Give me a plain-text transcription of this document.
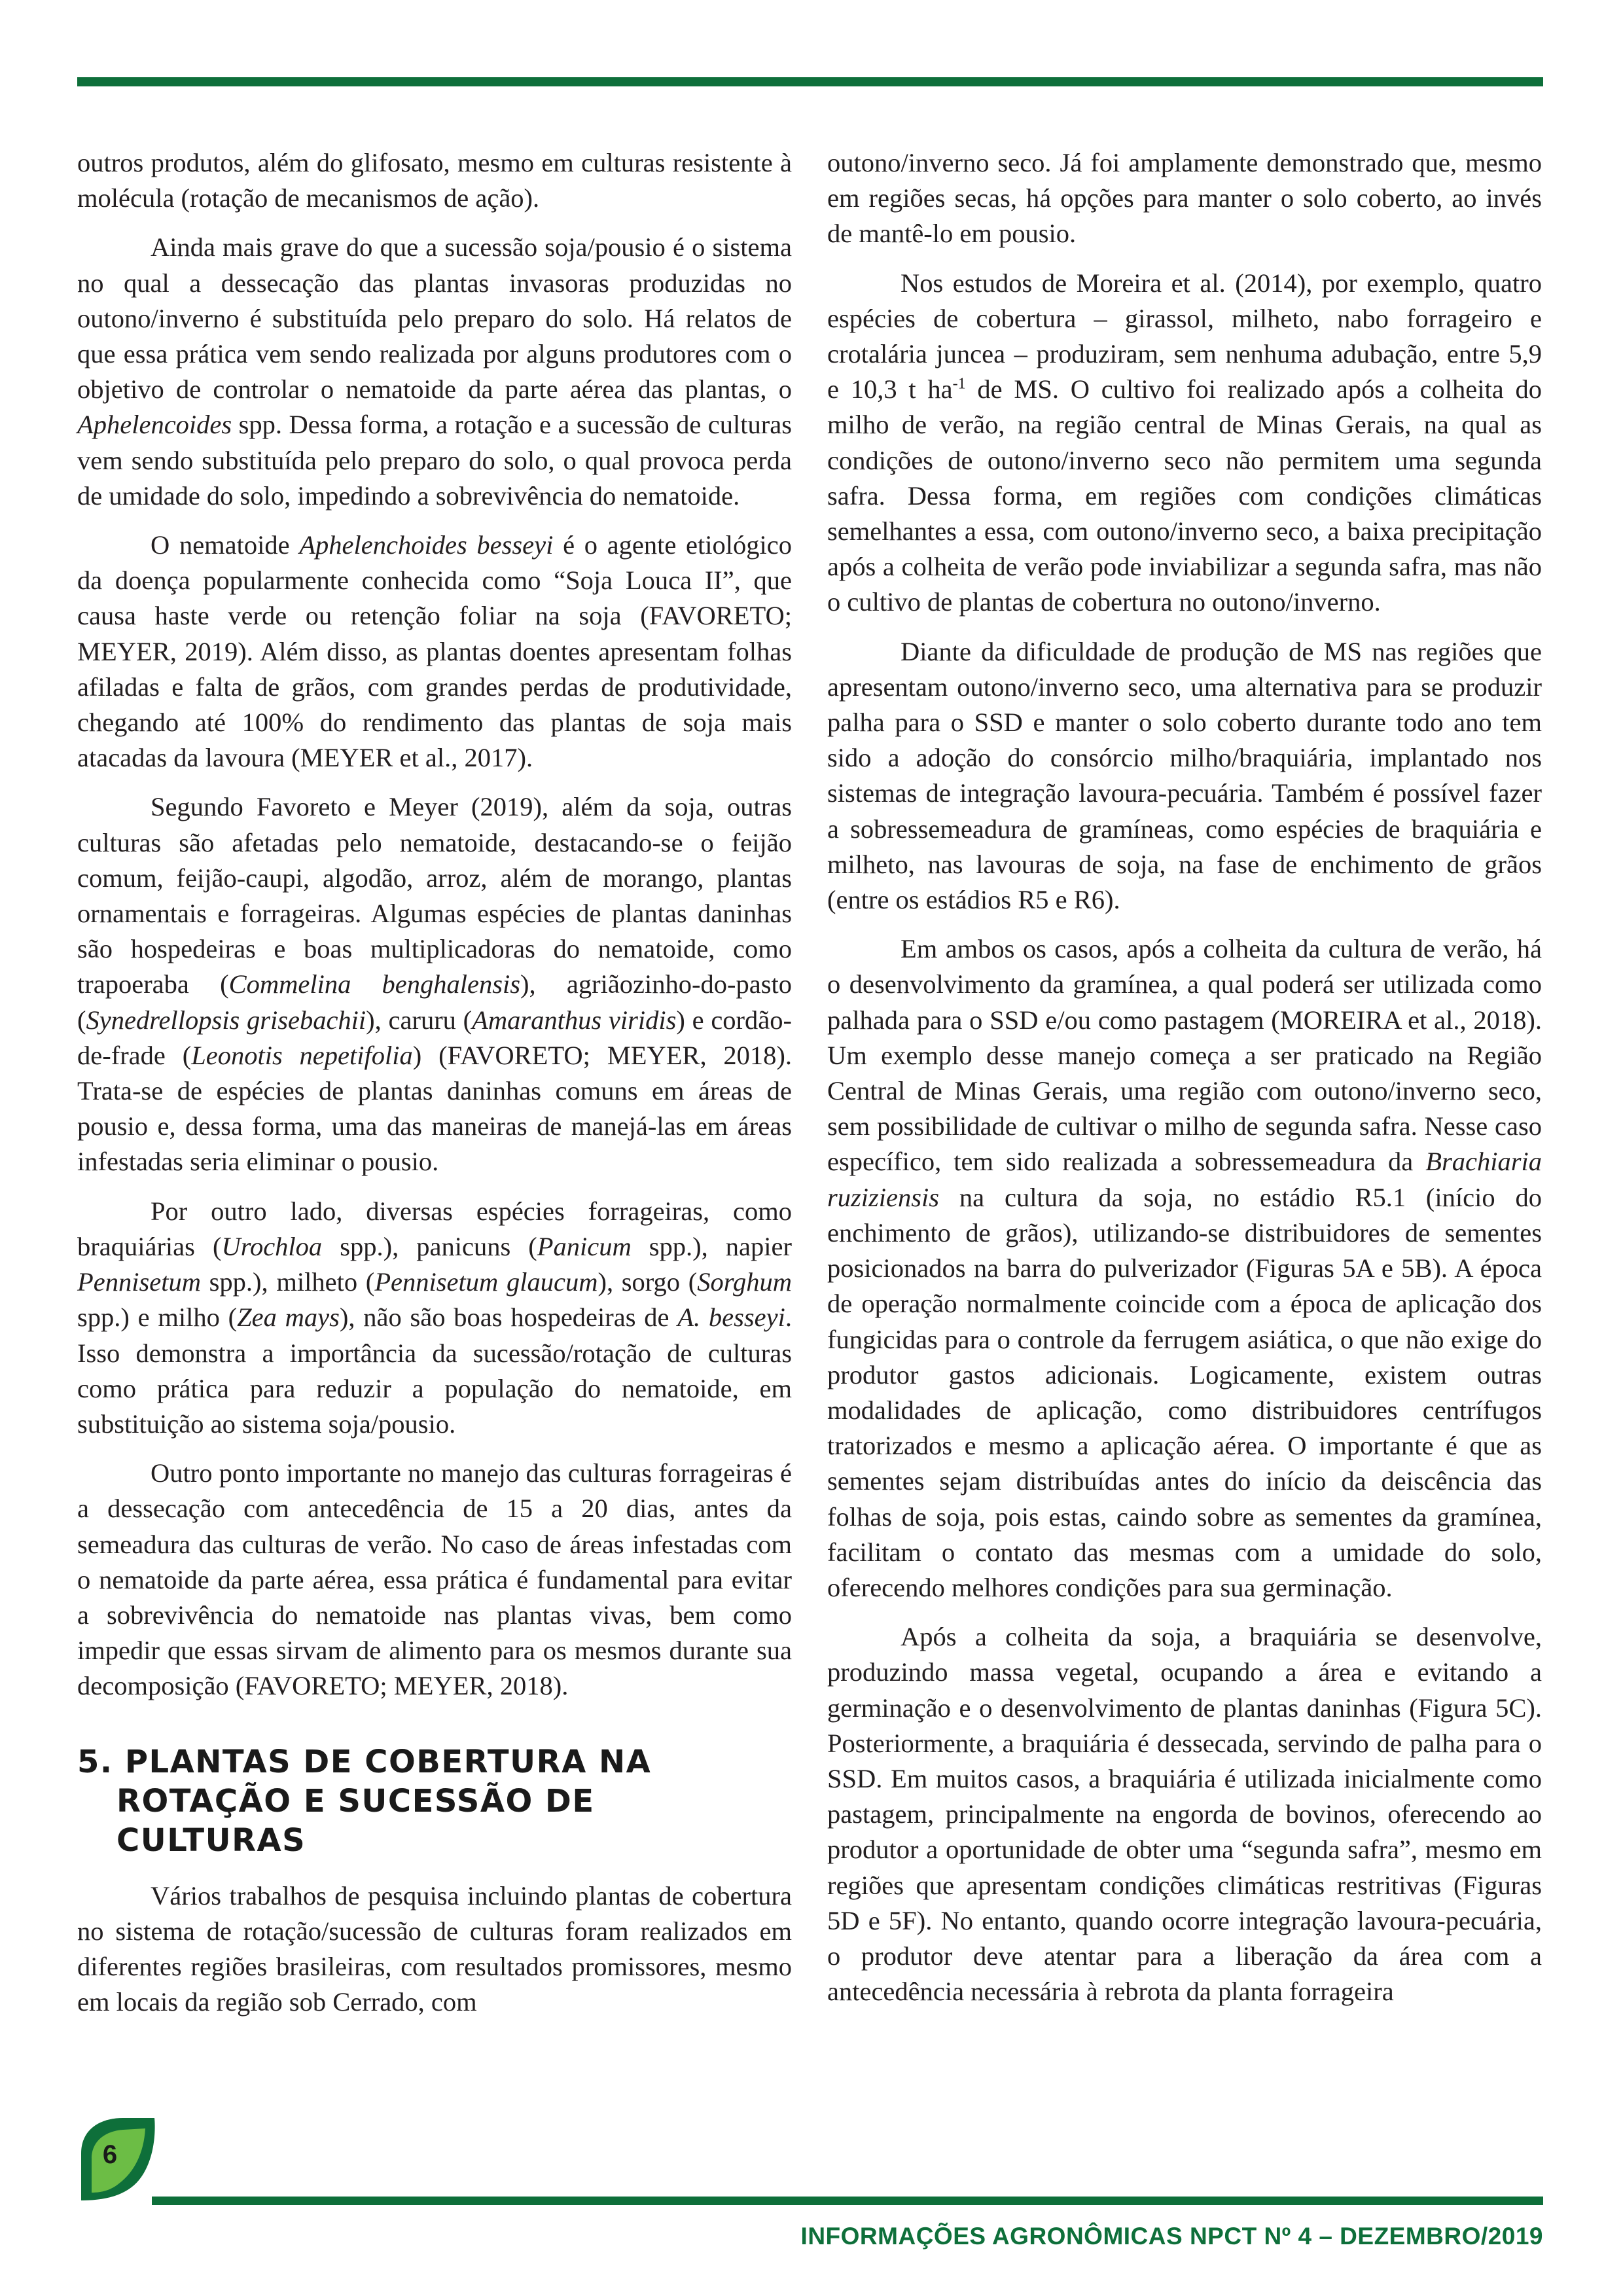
outros produtos, além do glifosato, mesmo em culturas resistente à molécula (rotação de mecanismos de ação).

Ainda mais grave do que a sucessão soja/pousio é o sistema no qual a dessecação das plantas invasoras produzidas no outono/inverno é substituída pelo preparo do solo. Há relatos de que essa prática vem sendo realizada por alguns produtores com o objetivo de controlar o nematoide da parte aérea das plantas, o Aphelencoides spp. Dessa forma, a rotação e a sucessão de culturas vem sendo substituída pelo preparo do solo, o qual provoca perda de umidade do solo, impedindo a sobrevivência do nematoide.

O nematoide Aphelenchoides besseyi é o agente etiológico da doença popularmente conhecida como “Soja Louca II”, que causa haste verde ou retenção foliar na soja (FAVORETO; MEYER, 2019). Além disso, as plantas doentes apresentam folhas afiladas e falta de grãos, com grandes perdas de produtividade, chegando até 100% do rendimento das plantas de soja mais atacadas da lavoura (MEYER et al., 2017).

Segundo Favoreto e Meyer (2019), além da soja, outras culturas são afetadas pelo nematoide, destacando-se o feijão comum, feijão-caupi, algodão, arroz, além de morango, plantas ornamentais e forrageiras. Algumas espécies de plantas daninhas são hospedeiras e boas multiplicadoras do nematoide, como trapoeraba (Commelina benghalensis), agriãozinho-do-pasto (Synedrellopsis grisebachii), caruru (Amaranthus viridis) e cordão-de-frade (Leonotis nepetifolia) (FAVORETO; MEYER, 2018). Trata-se de espécies de plantas daninhas comuns em áreas de pousio e, dessa forma, uma das maneiras de manejá-las em áreas infestadas seria eliminar o pousio.

Por outro lado, diversas espécies forrageiras, como braquiárias (Urochloa spp.), panicuns (Panicum spp.), napier Pennisetum spp.), milheto (Pennisetum glaucum), sorgo (Sorghum spp.) e milho (Zea mays), não são boas hospedeiras de A. besseyi. Isso demonstra a importância da sucessão/rotação de culturas como prática para reduzir a população do nematoide, em substituição ao sistema soja/pousio.

Outro ponto importante no manejo das culturas forrageiras é a dessecação com antecedência de 15 a 20 dias, antes da semeadura das culturas de verão. No caso de áreas infestadas com o nematoide da parte aérea, essa prática é fundamental para evitar a sobrevivência do nematoide nas plantas vivas, bem como impedir que essas sirvam de alimento para os mesmos durante sua decomposição (FAVORETO; MEYER, 2018).

5. PLANTAS DE COBERTURA NA ROTAÇÃO E SUCESSÃO DE CULTURAS

Vários trabalhos de pesquisa incluindo plantas de cobertura no sistema de rotação/sucessão de culturas foram realizados em diferentes regiões brasileiras, com resultados promissores, mesmo em locais da região sob Cerrado, com

outono/inverno seco. Já foi amplamente demonstrado que, mesmo em regiões secas, há opções para manter o solo coberto, ao invés de mantê-lo em pousio.

Nos estudos de Moreira et al. (2014), por exemplo, quatro espécies de cobertura – girassol, milheto, nabo forrageiro e crotalária juncea – produziram, sem nenhuma adubação, entre 5,9 e 10,3 t $ha^{-1}$ de MS. O cultivo foi realizado após a colheita do milho de verão, na região central de Minas Gerais, na qual as condições de outono/inverno seco não permitem uma segunda safra. Dessa forma, em regiões com condições climáticas semelhantes a essa, com outono/inverno seco, a baixa precipitação após a colheita de verão pode inviabilizar a segunda safra, mas não o cultivo de plantas de cobertura no outono/inverno.

Diante da dificuldade de produção de MS nas regiões que apresentam outono/inverno seco, uma alternativa para se produzir palha para o SSD e manter o solo coberto durante todo ano tem sido a adoção do consórcio milho/braquiária, implantado nos sistemas de integração lavoura-pecuária. Também é possível fazer a sobressemeadura de gramíneas, como espécies de braquiária e milheto, nas lavouras de soja, na fase de enchimento de grãos (entre os estádios R5 e R6).

Em ambos os casos, após a colheita da cultura de verão, há o desenvolvimento da gramínea, a qual poderá ser utilizada como palhada para o SSD e/ou como pastagem (MOREIRA et al., 2018). Um exemplo desse manejo começa a ser praticado na Região Central de Minas Gerais, uma região com outono/inverno seco, sem possibilidade de cultivar o milho de segunda safra. Nesse caso específico, tem sido realizada a sobressemeadura da Brachiaria ruziziensis na cultura da soja, no estádio R5.1 (início do enchimento de grãos), utilizando-se distribuidores de sementes posicionados na barra do pulverizador (Figuras 5A e 5B). A época de operação normalmente coincide com a época de aplicação dos fungicidas para o controle da ferrugem asiática, o que não exige do produtor gastos adicionais. Logicamente, existem outras modalidades de aplicação, como distribuidores centrífugos tratorizados e mesmo a aplicação aérea. O importante é que as sementes sejam distribuídas antes do início da deiscência das folhas de soja, pois estas, caindo sobre as sementes da gramínea, facilitam o contato das mesmas com a umidade do solo, oferecendo melhores condições para sua germinação.

Após a colheita da soja, a braquiária se desenvolve, produzindo massa vegetal, ocupando a área e evitando a germinação e o desenvolvimento de plantas daninhas (Figura 5C). Posteriormente, a braquiária é dessecada, servindo de palha para o SSD. Em muitos casos, a braquiária é utilizada inicialmente como pastagem, principalmente na engorda de bovinos, oferecendo ao produtor a oportunidade de obter uma “segunda safra”, mesmo em regiões que apresentam condições climáticas restritivas (Figuras 5D e 5F). No entanto, quando ocorre integração lavoura-pecuária, o produtor deve atentar para a liberação da área com a antecedência necessária à rebrota da planta forrageira

6
INFORMAÇÕES AGRONÔMICAS NPCT Nº 4 – DEZEMBRO/2019
